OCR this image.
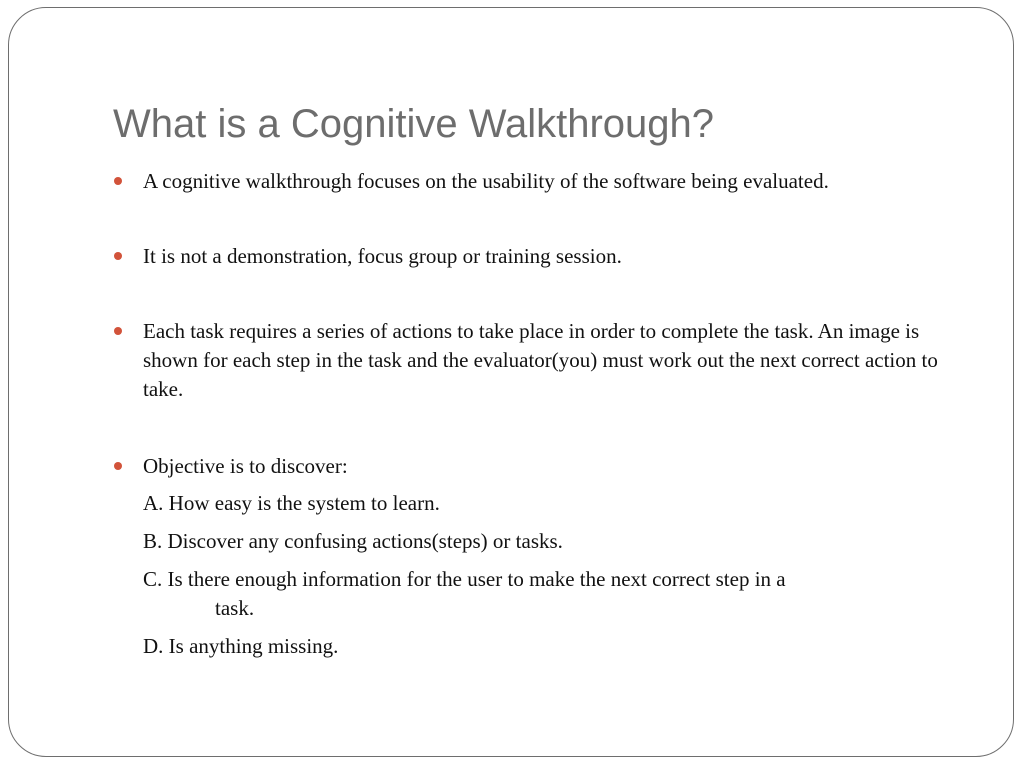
What is a Cognitive Walkthrough?
A cognitive walkthrough focuses on the usability of the software being evaluated.
It is not a demonstration, focus group or training session.
Each task requires a series of actions to take place in order to complete the task. An image is shown for each step in the task and the evaluator(you) must work out the next correct action to take.
Objective is to discover:
A. How easy is the system to learn.
B. Discover any confusing actions(steps) or tasks.
C. Is there enough information for the user to make the next correct step in a
task.
D. Is anything missing.
